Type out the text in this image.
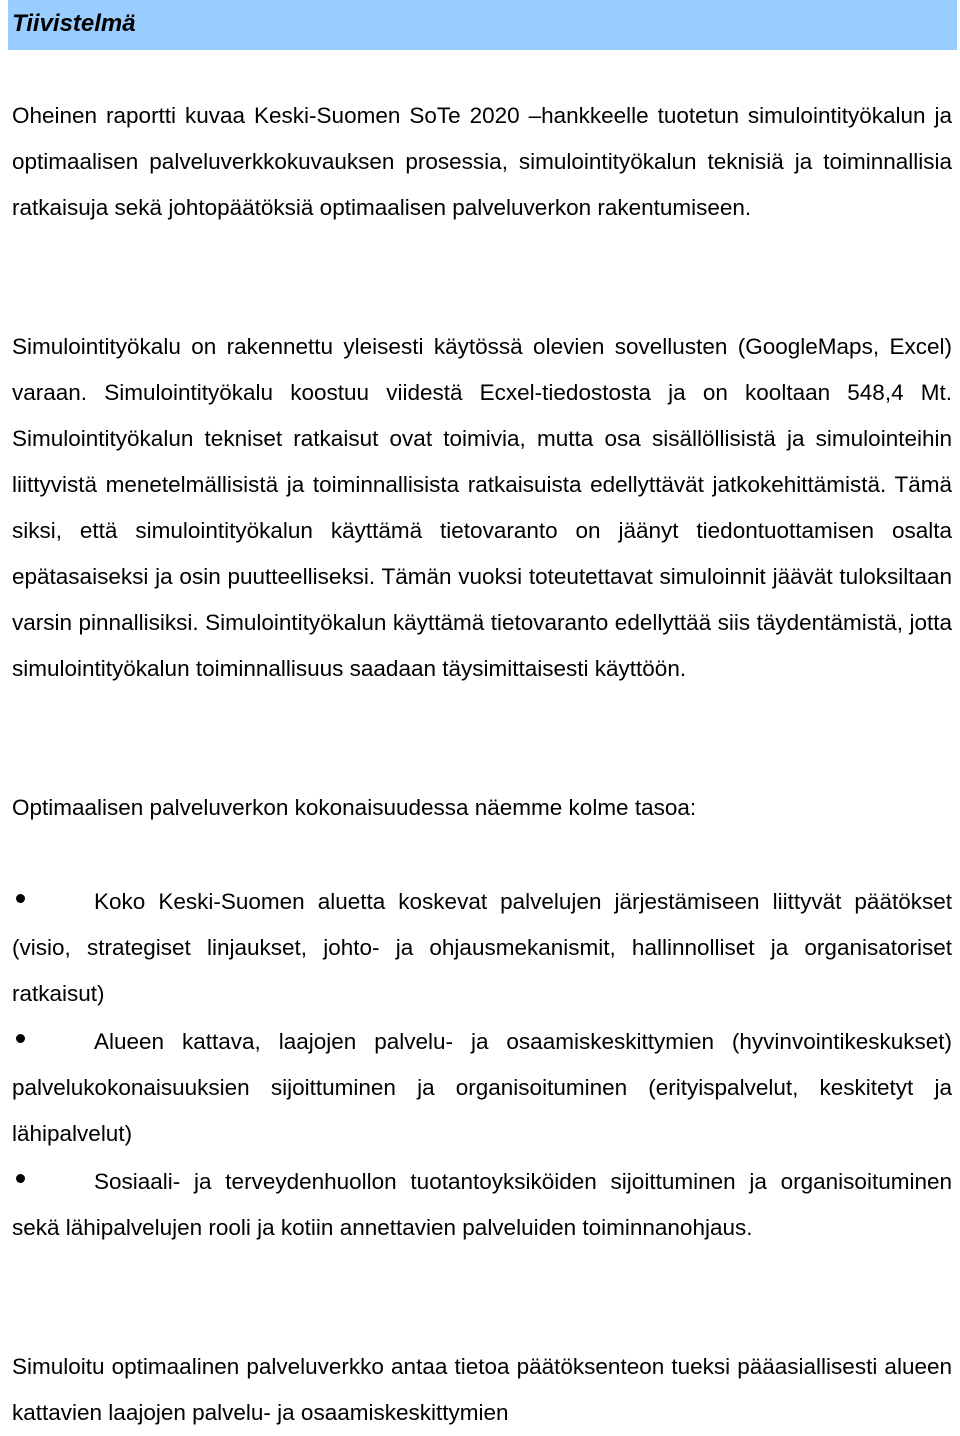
Tiivistelmä

Oheinen raportti kuvaa Keski-Suomen SoTe 2020 –hankkeelle tuotetun simulointityökalun ja optimaalisen palveluverkkokuvauksen prosessia, simulointityökalun teknisiä ja toiminnallisia ratkaisuja sekä johtopäätöksiä optimaalisen palveluverkon rakentumiseen.

Simulointityökalu on rakennettu yleisesti käytössä olevien sovellusten (GoogleMaps, Excel) varaan. Simulointityökalu koostuu viidestä Ecxel-tiedostosta ja on kooltaan 548,4 Mt. Simulointityökalun tekniset ratkaisut ovat toimivia, mutta osa sisällöllisistä ja simulointeihin liittyvistä menetelmällisistä ja toiminnallisista ratkaisuista edellyttävät jatkokehittämistä. Tämä siksi, että simulointityökalun käyttämä tietovaranto on jäänyt tiedontuottamisen osalta epätasaiseksi ja osin puutteelliseksi. Tämän vuoksi toteutettavat simuloinnit jäävät tuloksiltaan varsin pinnallisiksi. Simulointityökalun käyttämä tietovaranto edellyttää siis täydentämistä, jotta simulointityökalun toiminnallisuus saadaan täysimittaisesti käyttöön.

Optimaalisen palveluverkon kokonaisuudessa näemme kolme tasoa:

Koko Keski-Suomen aluetta koskevat palvelujen järjestämiseen liittyvät päätökset (visio, strategiset linjaukset, johto- ja ohjausmekanismit, hallinnolliset ja organisatoriset ratkaisut)
Alueen kattava, laajojen palvelu- ja osaamiskeskittymien (hyvinvointikeskukset) palvelukokonaisuuksien sijoittuminen ja organisoituminen (erityispalvelut, keskitetyt ja lähipalvelut)
Sosiaali- ja terveydenhuollon tuotantoyksiköiden sijoittuminen ja organisoituminen sekä lähipalvelujen rooli ja kotiin annettavien palveluiden toiminnanohjaus.

Simuloitu optimaalinen palveluverkko antaa tietoa päätöksenteon tueksi pääasiallisesti alueen kattavien laajojen palvelu- ja osaamiskeskittymien
